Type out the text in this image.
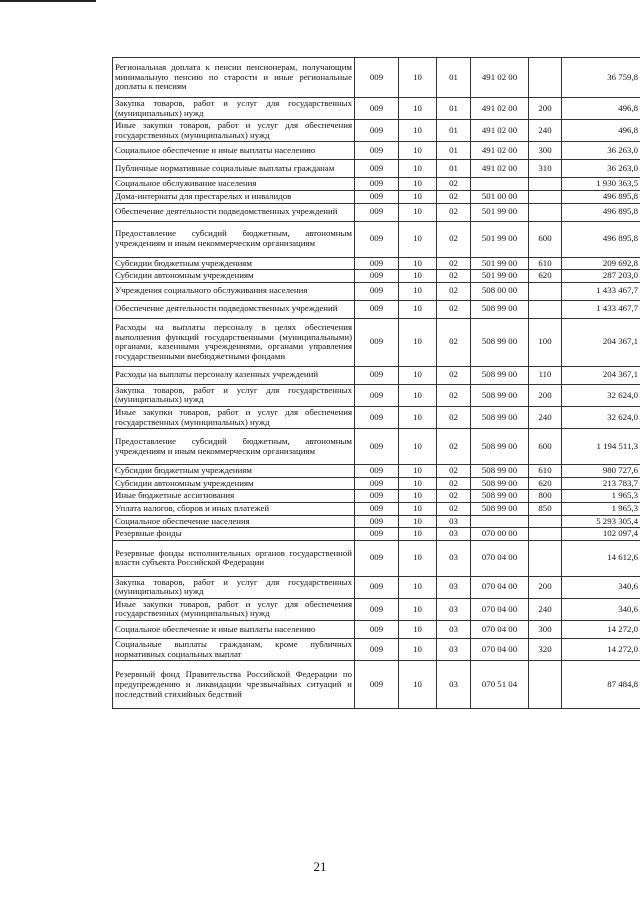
Региональная доплата к пенсии пенсионерам, получающим минимальную пенсию по старости и иные региональные доплаты к пенсиям	009	10	01	491 02 00		36 759,8
Закупка товаров, работ и услуг для государственных (муниципальных) нужд	009	10	01	491 02 00	200	496,8
Иные закупки товаров, работ и услуг для обеспечения государственных (муниципальных) нужд	009	10	01	491 02 00	240	496,8
Социальное обеспечение и иные выплаты населению	009	10	01	491 02 00	300	36 263,0
Публичные нормативные социальные выплаты гражданам	009	10	01	491 02 00	310	36 263,0
Социальное обслуживание населения	009	10	02			1 930 363,5
Дома-интернаты для престарелых и инвалидов	009	10	02	501 00 00		496 895,8
Обеспечение деятельности подведомственных учреждений	009	10	02	501 99 00		496 895,8
Предоставление субсидий бюджетным, автономным учреждениям и иным некоммерческим организациям	009	10	02	501 99 00	600	496 895,8
Субсидии бюджетным учреждениям	009	10	02	501 99 00	610	209 692,8
Субсидии автономным учреждениям	009	10	02	501 99 00	620	287 203,0
Учреждения социального обслуживания населения	009	10	02	508 00 00		1 433 467,7
Обеспечение деятельности подведомственных учреждений	009	10	02	508 99 00		1 433 467,7
Расходы на выплаты персоналу в целях обеспечения выполнения функций государственными (муниципальными) органами, казенными учреждениями, органами управления государственными внебюджетными фондами	009	10	02	508 99 00	100	204 367,1
Расходы на выплаты персоналу казенных учреждений	009	10	02	508 99 00	110	204 367,1
Закупка товаров, работ и услуг для государственных (муниципальных) нужд	009	10	02	508 99 00	200	32 624,0
Иные закупки товаров, работ и услуг для обеспечения государственных (муниципальных) нужд	009	10	02	508 99 00	240	32 624,0
Предоставление субсидий бюджетным, автономным учреждениям и иным некоммерческим организациям	009	10	02	508 99 00	600	1 194 511,3
Субсидии бюджетным учреждениям	009	10	02	508 99 00	610	980 727,6
Субсидии автономным учреждениям	009	10	02	508 99 00	620	213 783,7
Иные бюджетные ассигнования	009	10	02	508 99 00	800	1 965,3
Уплата налогов, сборов и иных платежей	009	10	02	508 99 00	850	1 965,3
Социальное обеспечение населения	009	10	03			5 293 305,4
Резервные фонды	009	10	03	070 00 00		102 097,4
Резервные фонды исполнительных органов государственной власти субъекта Российской Федерации	009	10	03	070 04 00		14 612,6
Закупка товаров, работ и услуг для государственных (муниципальных) нужд	009	10	03	070 04 00	200	340,6
Иные закупки товаров, работ и услуг для обеспечения государственных (муниципальных) нужд	009	10	03	070 04 00	240	340,6
Социальное обеспечение и иные выплаты населению	009	10	03	070 04 00	300	14 272,0
Социальные выплаты гражданам, кроме публичных нормативных социальных выплат	009	10	03	070 04 00	320	14 272,0
Резервный фонд Правительства Российской Федерации по предупреждению и ликвидации чрезвычайных ситуаций и последствий стихийных бедствий	009	10	03	070 51 04		87 484,8
21
